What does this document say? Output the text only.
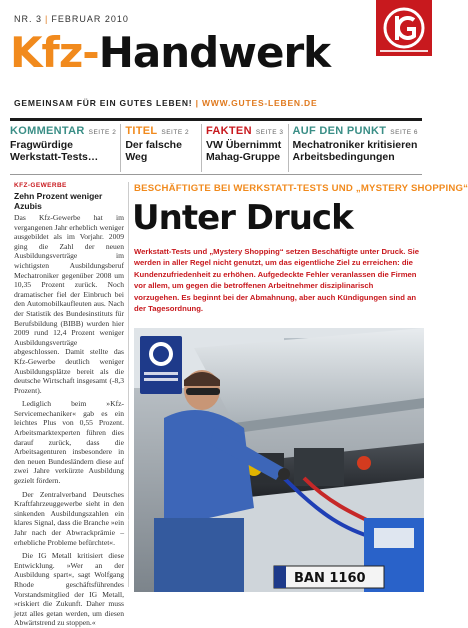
NR. 3 | FEBRUAR 2010
Kfz-Handwerk
GEMEINSAM FÜR EIN GUTES LEBEN! | WWW.GUTES-LEBEN.DE
KOMMENTAR SEITE 2
Fragwürdige Werkstatt-Tests…
TITEL SEITE 2
Der falsche Weg
FAKTEN SEITE 3
VW Übernimmt Mahag-Gruppe
AUF DEN PUNKT SEITE 6
Mechatroniker kritisieren Arbeitsbedingungen
KFZ-GEWERBE
Zehn Prozent weniger Azubis

Das Kfz-Gewerbe hat im vergangenen Jahr erheblich weniger ausgebildet als im Vorjahr. 2009 ging die Zahl der neuen Ausbildungsverträge im wichtigsten Ausbildungsberuf Mechatroniker gegenüber 2008 um 10,35 Prozent zurück. Noch dramatischer fiel der Einbruch bei den Automobilkaufleuten aus. Nach der Statistik des Bundesinstituts für Berufsbildung (BIBB) wurden hier 2009 rund 12,4 Prozent weniger Ausbildungsverträge abgeschlossen. Damit stellte das Kfz-Gewerbe deutlich weniger Ausbildungsplätze bereit als die deutsche Wirtschaft insgesamt (-8,3 Prozent).

Lediglich beim »Kfz-Servicemechaniker« gab es ein leichtes Plus von 0,55 Prozent. Arbeitsmarktexperten führen dies darauf zurück, dass die Arbeitsagenturen insbesondere in den neuen Bundesländern diese auf zwei Jahre verkürzte Ausbildung gezielt fördern.

Der Zentralverband Deutsches Kraftfahrzeuggewerbe sieht in den sinkenden Ausbildungszahlen ein klares Signal, dass die Branche »ein Jahr nach der Abwrackprämie – erhebliche Probleme befürchtet«.

Die IG Metall kritisiert diese Entwicklung. »Wer an der Ausbildung spart«, sagt Wolfgang Rhode geschäftsführendes Vorstandsmitglied der IG Metall, »riskiert die Zukunft. Daher muss jetzt alles getan werden, um diesen Abwärtstrend zu stoppen.«

BESCHÄFTIGTE BEI WERKSTATT-TESTS UND „MYSTERY SHOPPING“
Unter Druck
Werkstatt-Tests und „Mystery Shopping“ setzen Beschäftigte unter Druck. Sie werden in aller Regel nicht genutzt, um das eigentliche Ziel zu erreichen: die Kundenzufriedenheit zu erhöhen. Aufgedeckte Fehler veranlassen die Firmen vor allem, um gegen die betroffenen Arbeitnehmer disziplinarisch vorzugehen. Es beginnt bei der Abmahnung, aber auch Kündigungen sind an der Tagesordnung.
BAN 1160
Foto: Ingo Pflügl
